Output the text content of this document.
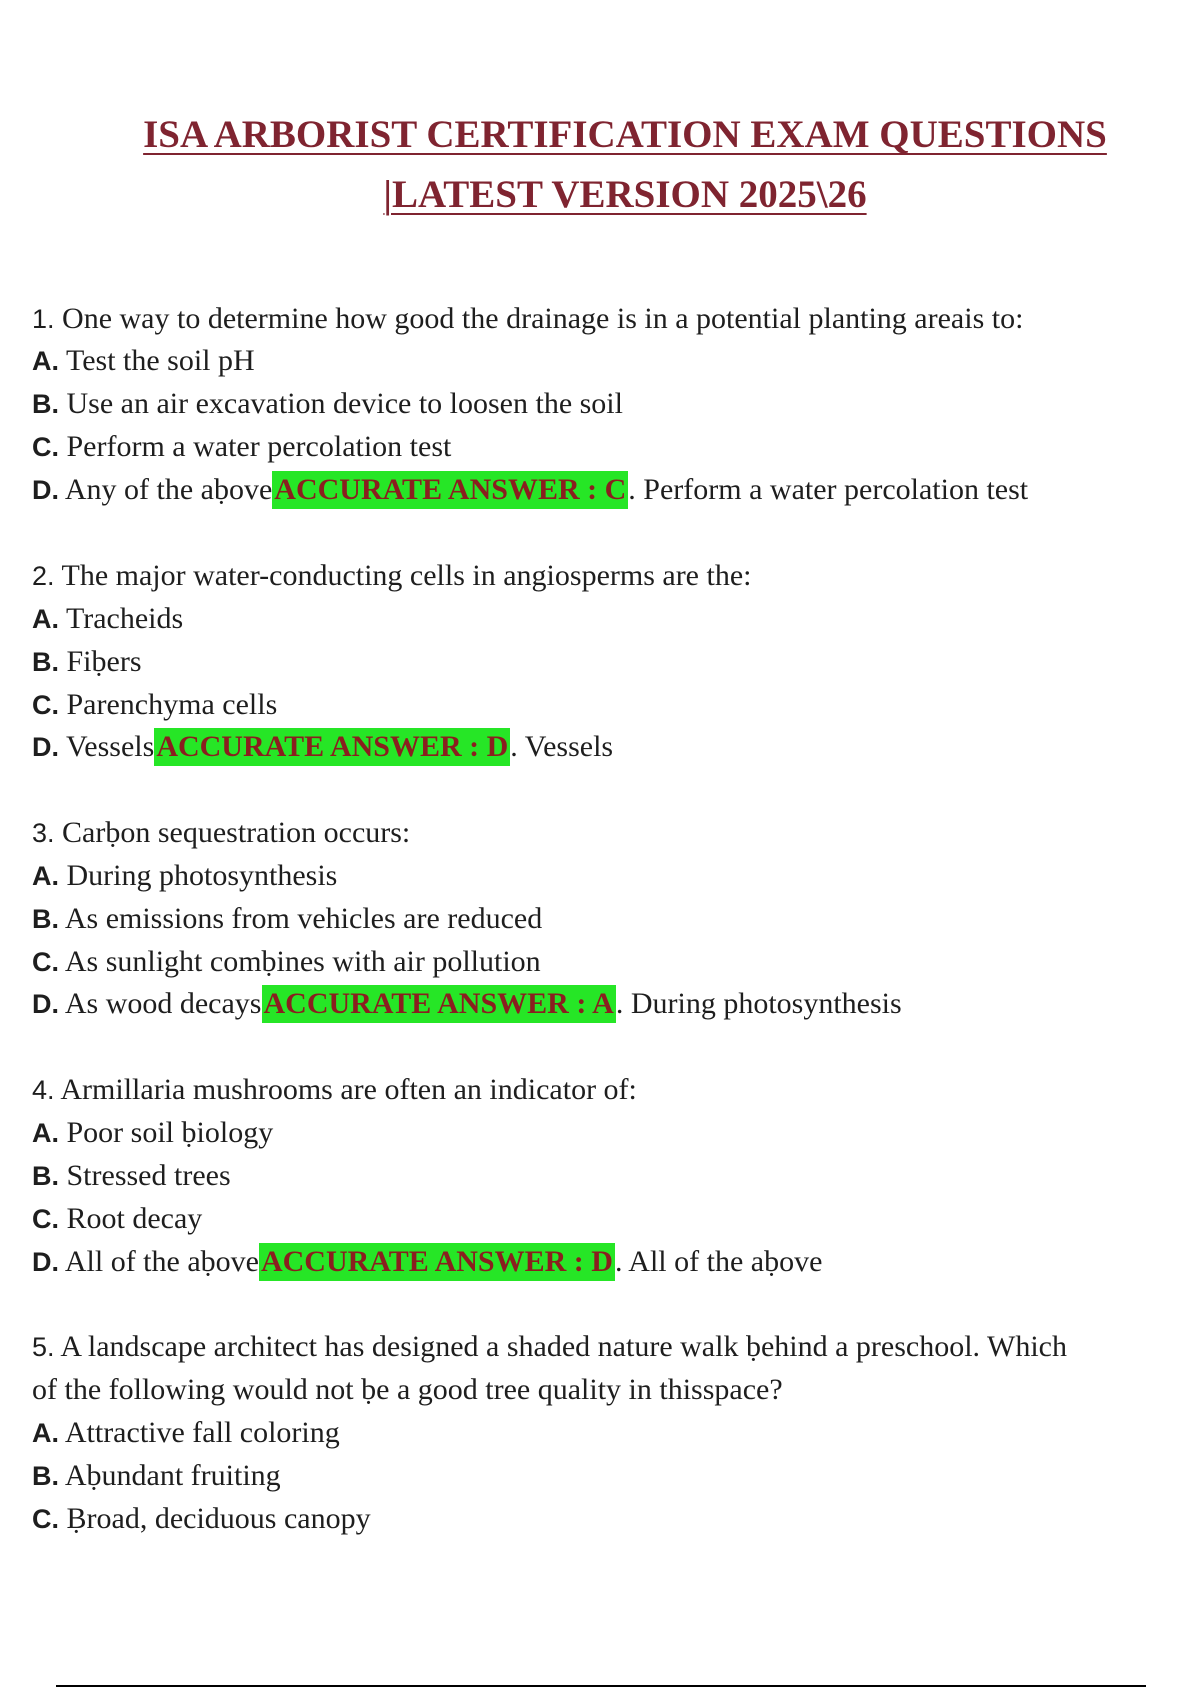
ISA ARBORIST CERTIFICATION EXAM QUESTIONS
|LATEST VERSION 2025\26
1. One way to determine how good the drainage is in a potential planting areais to:
A. Test the soil pH
B. Use an air excavation device to loosen the soil
C. Perform a water percolation test
D. Any of the aḅoveACCURATE ANSWER : C. Perform a water percolation test
2. The major water-conducting cells in angiosperms are the:
A. Tracheids
B. Fiḅers
C. Parenchyma cells
D. VesselsACCURATE ANSWER : D. Vessels
3. Carḅon sequestration occurs:
A. During photosynthesis
B. As emissions from vehicles are reduced
C. As sunlight comḅines with air pollution
D. As wood decaysACCURATE ANSWER : A. During photosynthesis
4. Armillaria mushrooms are often an indicator of:
A. Poor soil ḅiology
B. Stressed trees
C. Root decay
D. All of the aḅoveACCURATE ANSWER : D. All of the aḅove
5. A landscape architect has designed a shaded nature walk ḅehind a preschool. Which
of the following would not ḅe a good tree quality in thisspace?
A. Attractive fall coloring
B. Aḅundant fruiting
C. Ḅroad, deciduous canopy
